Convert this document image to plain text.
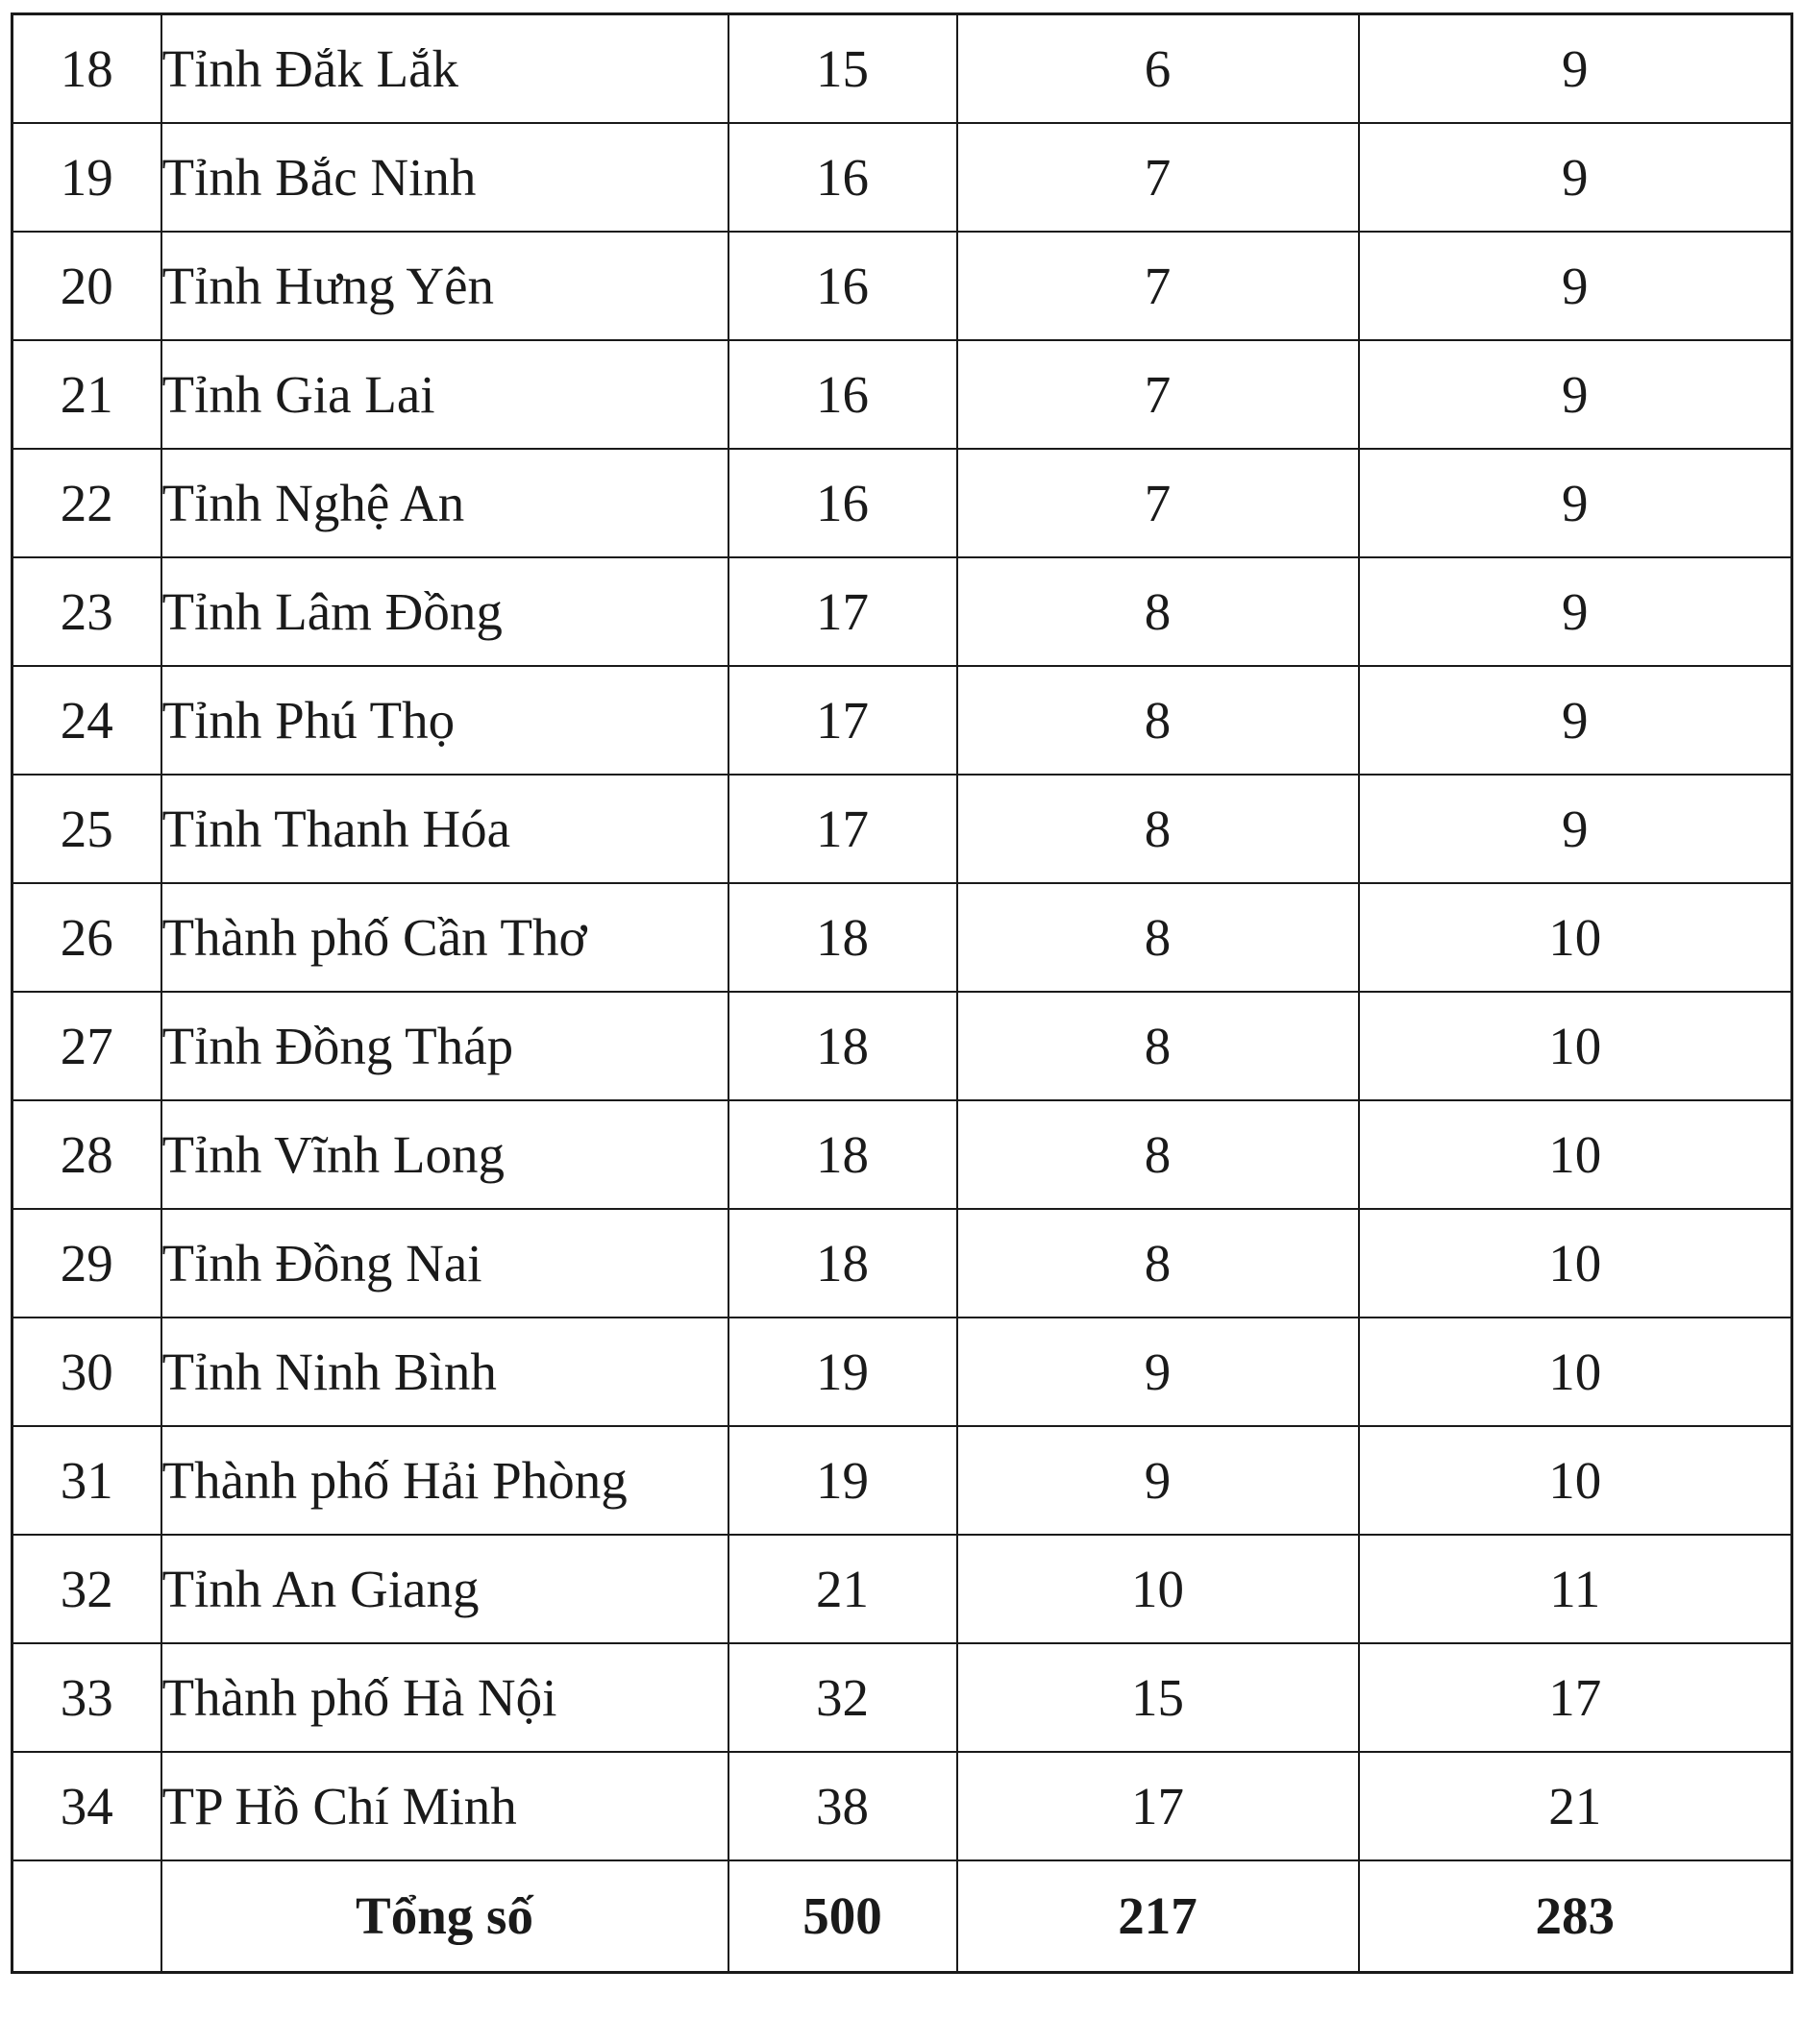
18	Tỉnh Đắk Lắk	15	6	9
19	Tỉnh Bắc Ninh	16	7	9
20	Tỉnh Hưng Yên	16	7	9
21	Tỉnh Gia Lai	16	7	9
22	Tỉnh Nghệ An	16	7	9
23	Tỉnh Lâm Đồng	17	8	9
24	Tỉnh Phú Thọ	17	8	9
25	Tỉnh Thanh Hóa	17	8	9
26	Thành phố Cần Thơ	18	8	10
27	Tỉnh Đồng Tháp	18	8	10
28	Tỉnh Vĩnh Long	18	8	10
29	Tỉnh Đồng Nai	18	8	10
30	Tỉnh Ninh Bình	19	9	10
31	Thành phố Hải Phòng	19	9	10
32	Tỉnh An Giang	21	10	11
33	Thành phố Hà Nội	32	15	17
34	TP Hồ Chí Minh	38	17	21
	Tổng số	500	217	283
